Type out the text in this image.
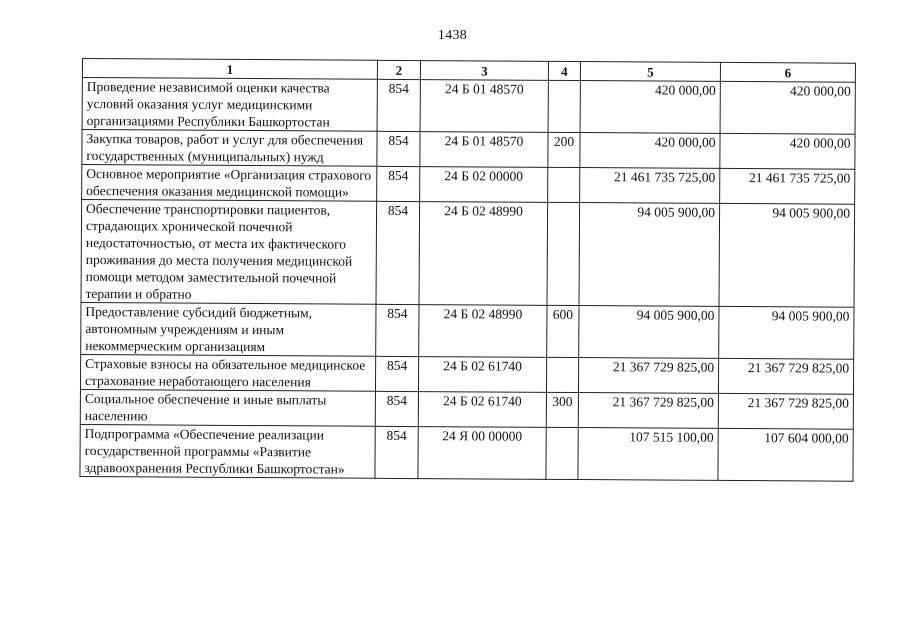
1438
1	2	3	4	5	6
Проведение независимой оценки качества условий оказания услуг медицинскими организациями Республики Башкортостан	854	24 Б 01 48570		420 000,00	420 000,00
Закупка товаров, работ и услуг для обеспечения государственных (муниципальных) нужд	854	24 Б 01 48570	200	420 000,00	420 000,00
Основное мероприятие «Организация страхового обеспечения оказания медицинской помощи»	854	24 Б 02 00000		21 461 735 725,00	21 461 735 725,00
Обеспечение транспортировки пациентов, страдающих хронической почечной недостаточностью, от места их фактического проживания до места получения медицинской помощи методом заместительной почечной терапии и обратно	854	24 Б 02 48990		94 005 900,00	94 005 900,00
Предоставление субсидий бюджетным, автономным учреждениям и иным некоммерческим организациям	854	24 Б 02 48990	600	94 005 900,00	94 005 900,00
Страховые взносы на обязательное медицинское страхование неработающего населения	854	24 Б 02 61740		21 367 729 825,00	21 367 729 825,00
Социальное обеспечение и иные выплаты населению	854	24 Б 02 61740	300	21 367 729 825,00	21 367 729 825,00
Подпрограмма «Обеспечение реализации государственной программы «Развитие здравоохранения Республики Башкортостан»	854	24 Я 00 00000		107 515 100,00	107 604 000,00
